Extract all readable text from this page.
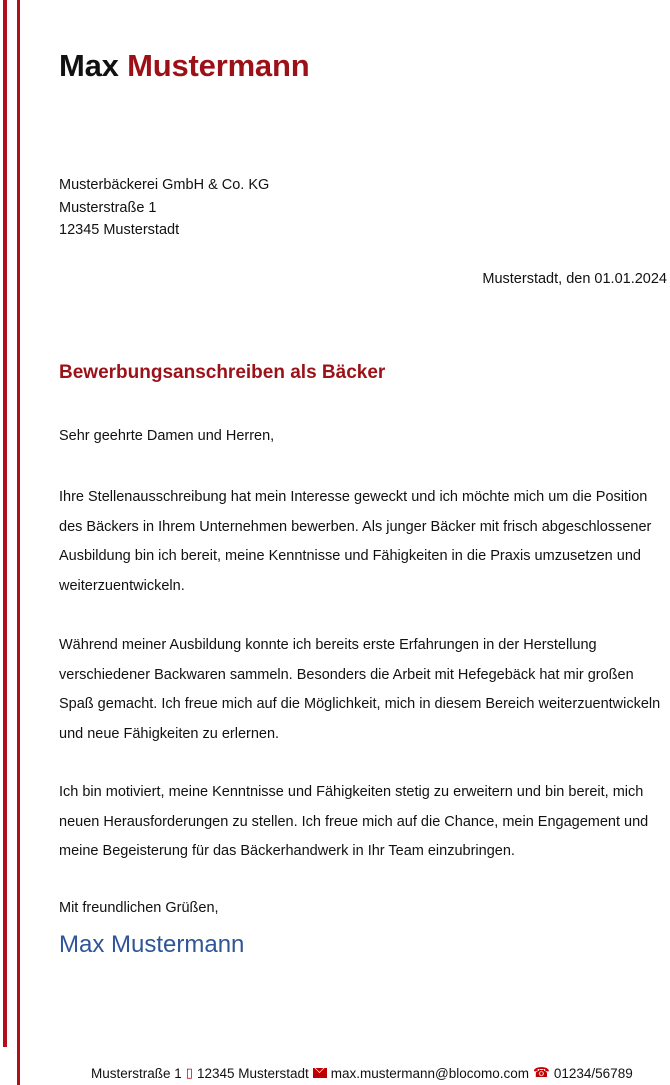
Max Mustermann
Musterbäckerei GmbH & Co. KG
Musterstraße 1
12345 Musterstadt
Musterstadt, den 01.01.2024
Bewerbungsanschreiben als Bäcker
Sehr geehrte Damen und Herren,
Ihre Stellenausschreibung hat mein Interesse geweckt und ich möchte mich um die Position des Bäckers in Ihrem Unternehmen bewerben. Als junger Bäcker mit frisch abgeschlossener Ausbildung bin ich bereit, meine Kenntnisse und Fähigkeiten in die Praxis umzusetzen und weiterzuentwickeln.
Während meiner Ausbildung konnte ich bereits erste Erfahrungen in der Herstellung verschiedener Backwaren sammeln. Besonders die Arbeit mit Hefegebäck hat mir großen Spaß gemacht. Ich freue mich auf die Möglichkeit, mich in diesem Bereich weiterzuentwickeln und neue Fähigkeiten zu erlernen.
Ich bin motiviert, meine Kenntnisse und Fähigkeiten stetig zu erweitern und bin bereit, mich neuen Herausforderungen zu stellen. Ich freue mich auf die Chance, mein Engagement und meine Begeisterung für das Bäckerhandwerk in Ihr Team einzubringen.
Mit freundlichen Grüßen,
Max Mustermann
Musterstraße 1 ▯ 12345 Musterstadt max.mustermann@blocomo.com ☎ 01234/56789
